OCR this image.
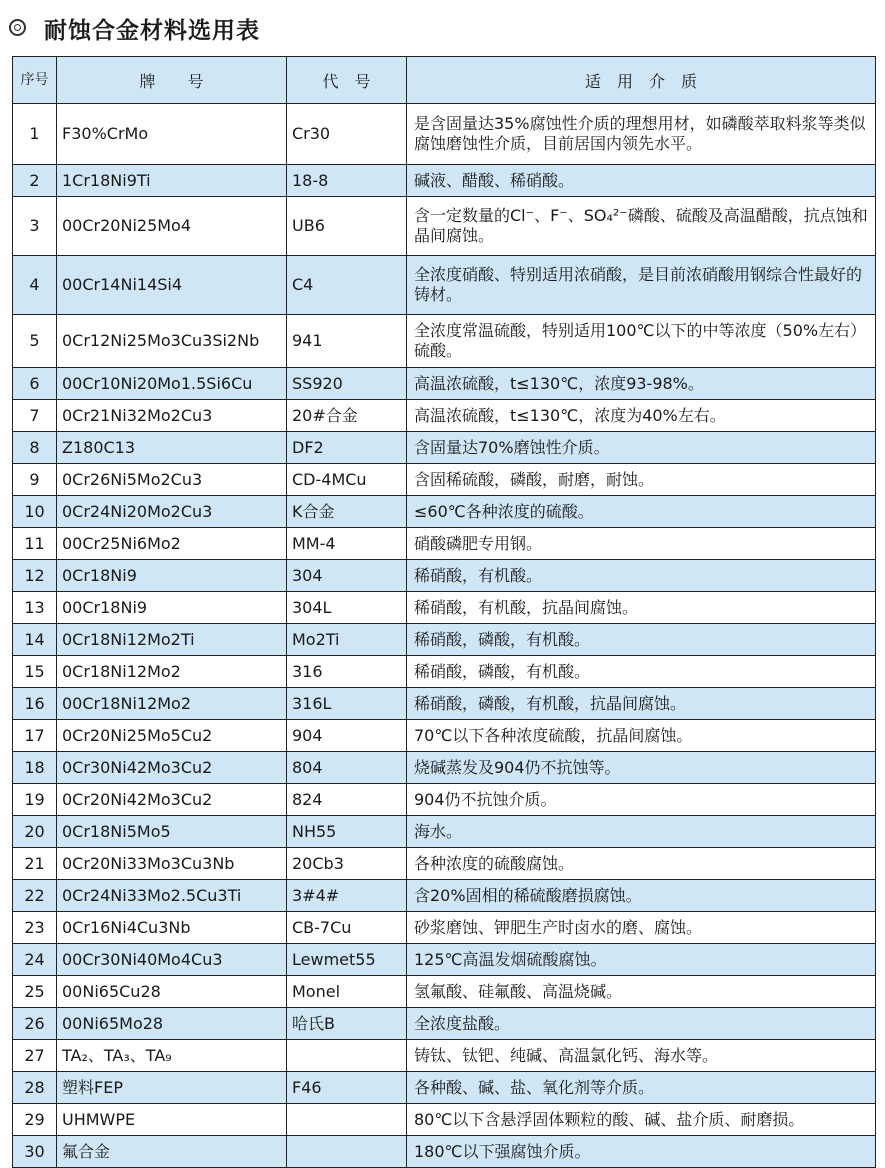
耐蚀合金材料选用表
序号	牌　　号	代　号	适　用　介　质
1	F30%CrMo	Cr30	是含固量达35%腐蚀性介质的理想用材，如磷酸萃取料浆等类似腐蚀磨蚀性介质，目前居国内领先水平。
2	1Cr18Ni9Ti	18-8	碱液、醋酸、稀硝酸。
3	00Cr20Ni25Mo4	UB6	含一定数量的Cl⁻、F⁻、SO₄²⁻磷酸、硫酸及高温醋酸，抗点蚀和晶间腐蚀。
4	00Cr14Ni14Si4	C4	全浓度硝酸、特别适用浓硝酸，是目前浓硝酸用钢综合性最好的铸材。
5	0Cr12Ni25Mo3Cu3Si2Nb	941	全浓度常温硫酸，特别适用100℃以下的中等浓度（50%左右）硫酸。
6	00Cr10Ni20Mo1.5Si6Cu	SS920	高温浓硫酸，t≤130℃，浓度93-98%。
7	0Cr21Ni32Mo2Cu3	20#合金	高温浓硫酸，t≤130℃，浓度为40%左右。
8	Z180C13	DF2	含固量达70%磨蚀性介质。
9	0Cr26Ni5Mo2Cu3	CD-4MCu	含固稀硫酸，磷酸，耐磨，耐蚀。
10	0Cr24Ni20Mo2Cu3	K合金	≤60℃各种浓度的硫酸。
11	00Cr25Ni6Mo2	MM-4	硝酸磷肥专用钢。
12	0Cr18Ni9	304	稀硝酸，有机酸。
13	00Cr18Ni9	304L	稀硝酸，有机酸，抗晶间腐蚀。
14	0Cr18Ni12Mo2Ti	Mo2Ti	稀硝酸，磷酸，有机酸。
15	0Cr18Ni12Mo2	316	稀硝酸，磷酸，有机酸。
16	00Cr18Ni12Mo2	316L	稀硝酸，磷酸，有机酸，抗晶间腐蚀。
17	0Cr20Ni25Mo5Cu2	904	70℃以下各种浓度硫酸，抗晶间腐蚀。
18	0Cr30Ni42Mo3Cu2	804	烧碱蒸发及904仍不抗蚀等。
19	0Cr20Ni42Mo3Cu2	824	904仍不抗蚀介质。
20	0Cr18Ni5Mo5	NH55	海水。
21	0Cr20Ni33Mo3Cu3Nb	20Cb3	各种浓度的硫酸腐蚀。
22	0Cr24Ni33Mo2.5Cu3Ti	3#4#	含20%固相的稀硫酸磨损腐蚀。
23	0Cr16Ni4Cu3Nb	CB-7Cu	砂浆磨蚀、钾肥生产时卤水的磨、腐蚀。
24	00Cr30Ni40Mo4Cu3	Lewmet55	125℃高温发烟硫酸腐蚀。
25	00Ni65Cu28	Monel	氢氟酸、硅氟酸、高温烧碱。
26	00Ni65Mo28	哈氏B	全浓度盐酸。
27	TA₂、TA₃、TA₉		铸钛、钛钯、纯碱、高温氯化钙、海水等。
28	塑料FEP	F46	各种酸、碱、盐、氧化剂等介质。
29	UHMWPE		80℃以下含悬浮固体颗粒的酸、碱、盐介质、耐磨损。
30	氟合金		180℃以下强腐蚀介质。
